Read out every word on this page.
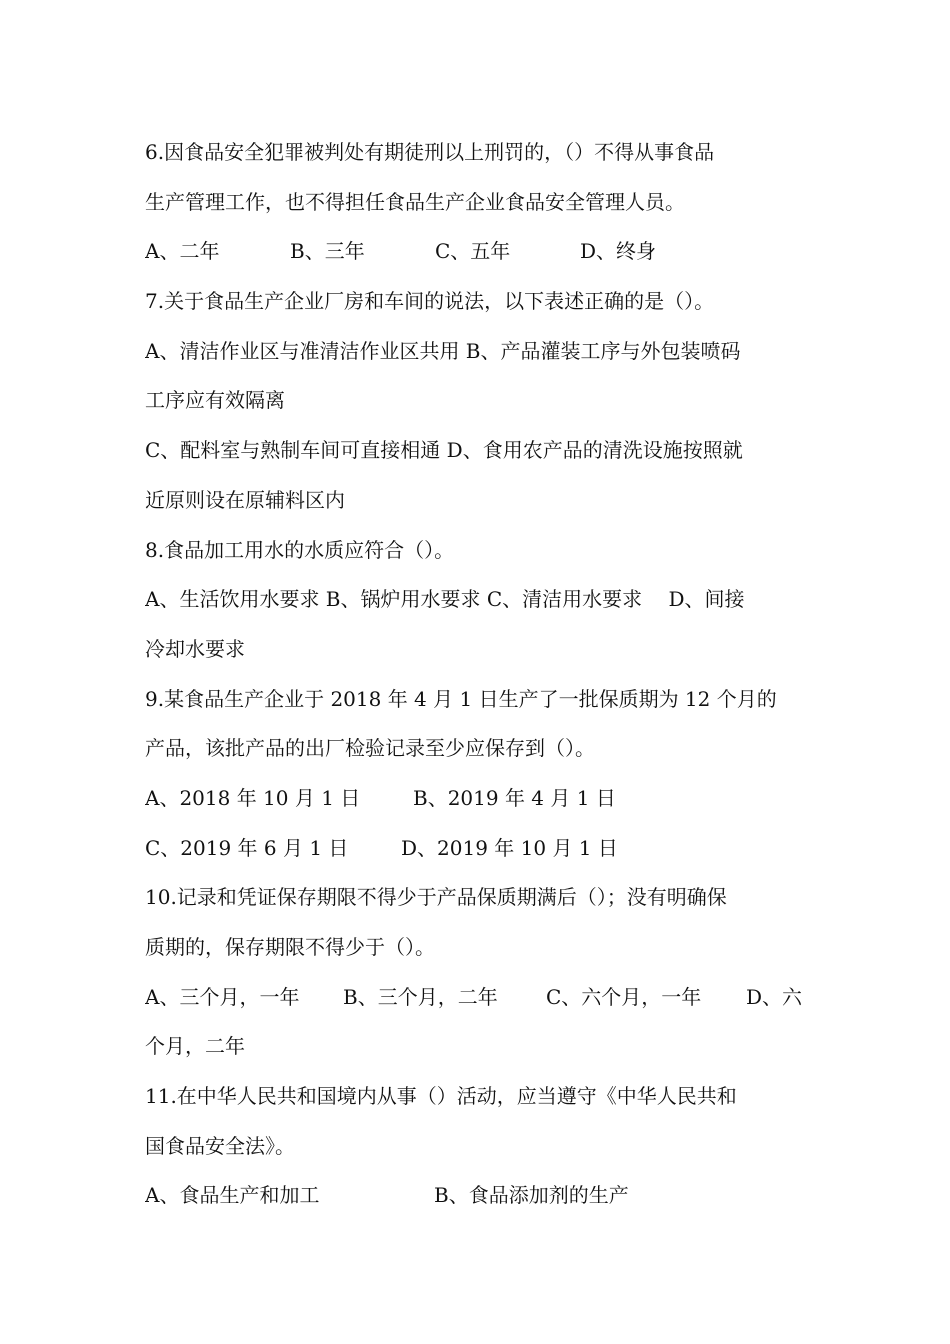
6.因食品安全犯罪被判处有期徒刑以上刑罚的，（）不得从事食品
生产管理工作，也不得担任食品生产企业食品安全管理人员。
A、二年	B、三年	C、五年	D、终身
7.关于食品生产企业厂房和车间的说法，以下表述正确的是（）。
A、清洁作业区与准清洁作业区共用 B、产品灌装工序与外包装喷码
工序应有效隔离
C、配料室与熟制车间可直接相通 D、食用农产品的清洗设施按照就
近原则设在原辅料区内
8.食品加工用水的水质应符合（）。
A、生活饮用水要求 B、锅炉用水要求 C、清洁用水要求　 D、间接
冷却水要求
9.某食品生产企业于 2018 年 4 月 1 日生产了一批保质期为 12 个月的
产品，该批产品的出厂检验记录至少应保存到（）。
A、2018 年 10 月 1 日	B、2019 年 4 月 1 日
C、2019 年 6 月 1 日	D、2019 年 10 月 1 日
10.记录和凭证保存期限不得少于产品保质期满后（）；没有明确保
质期的，保存期限不得少于（）。
A、三个月，一年	B、三个月，二年	C、六个月，一年	D、六
个月，二年
11.在中华人民共和国境内从事（）活动，应当遵守《中华人民共和
国食品安全法》。
A、食品生产和加工	B、食品添加剂的生产
